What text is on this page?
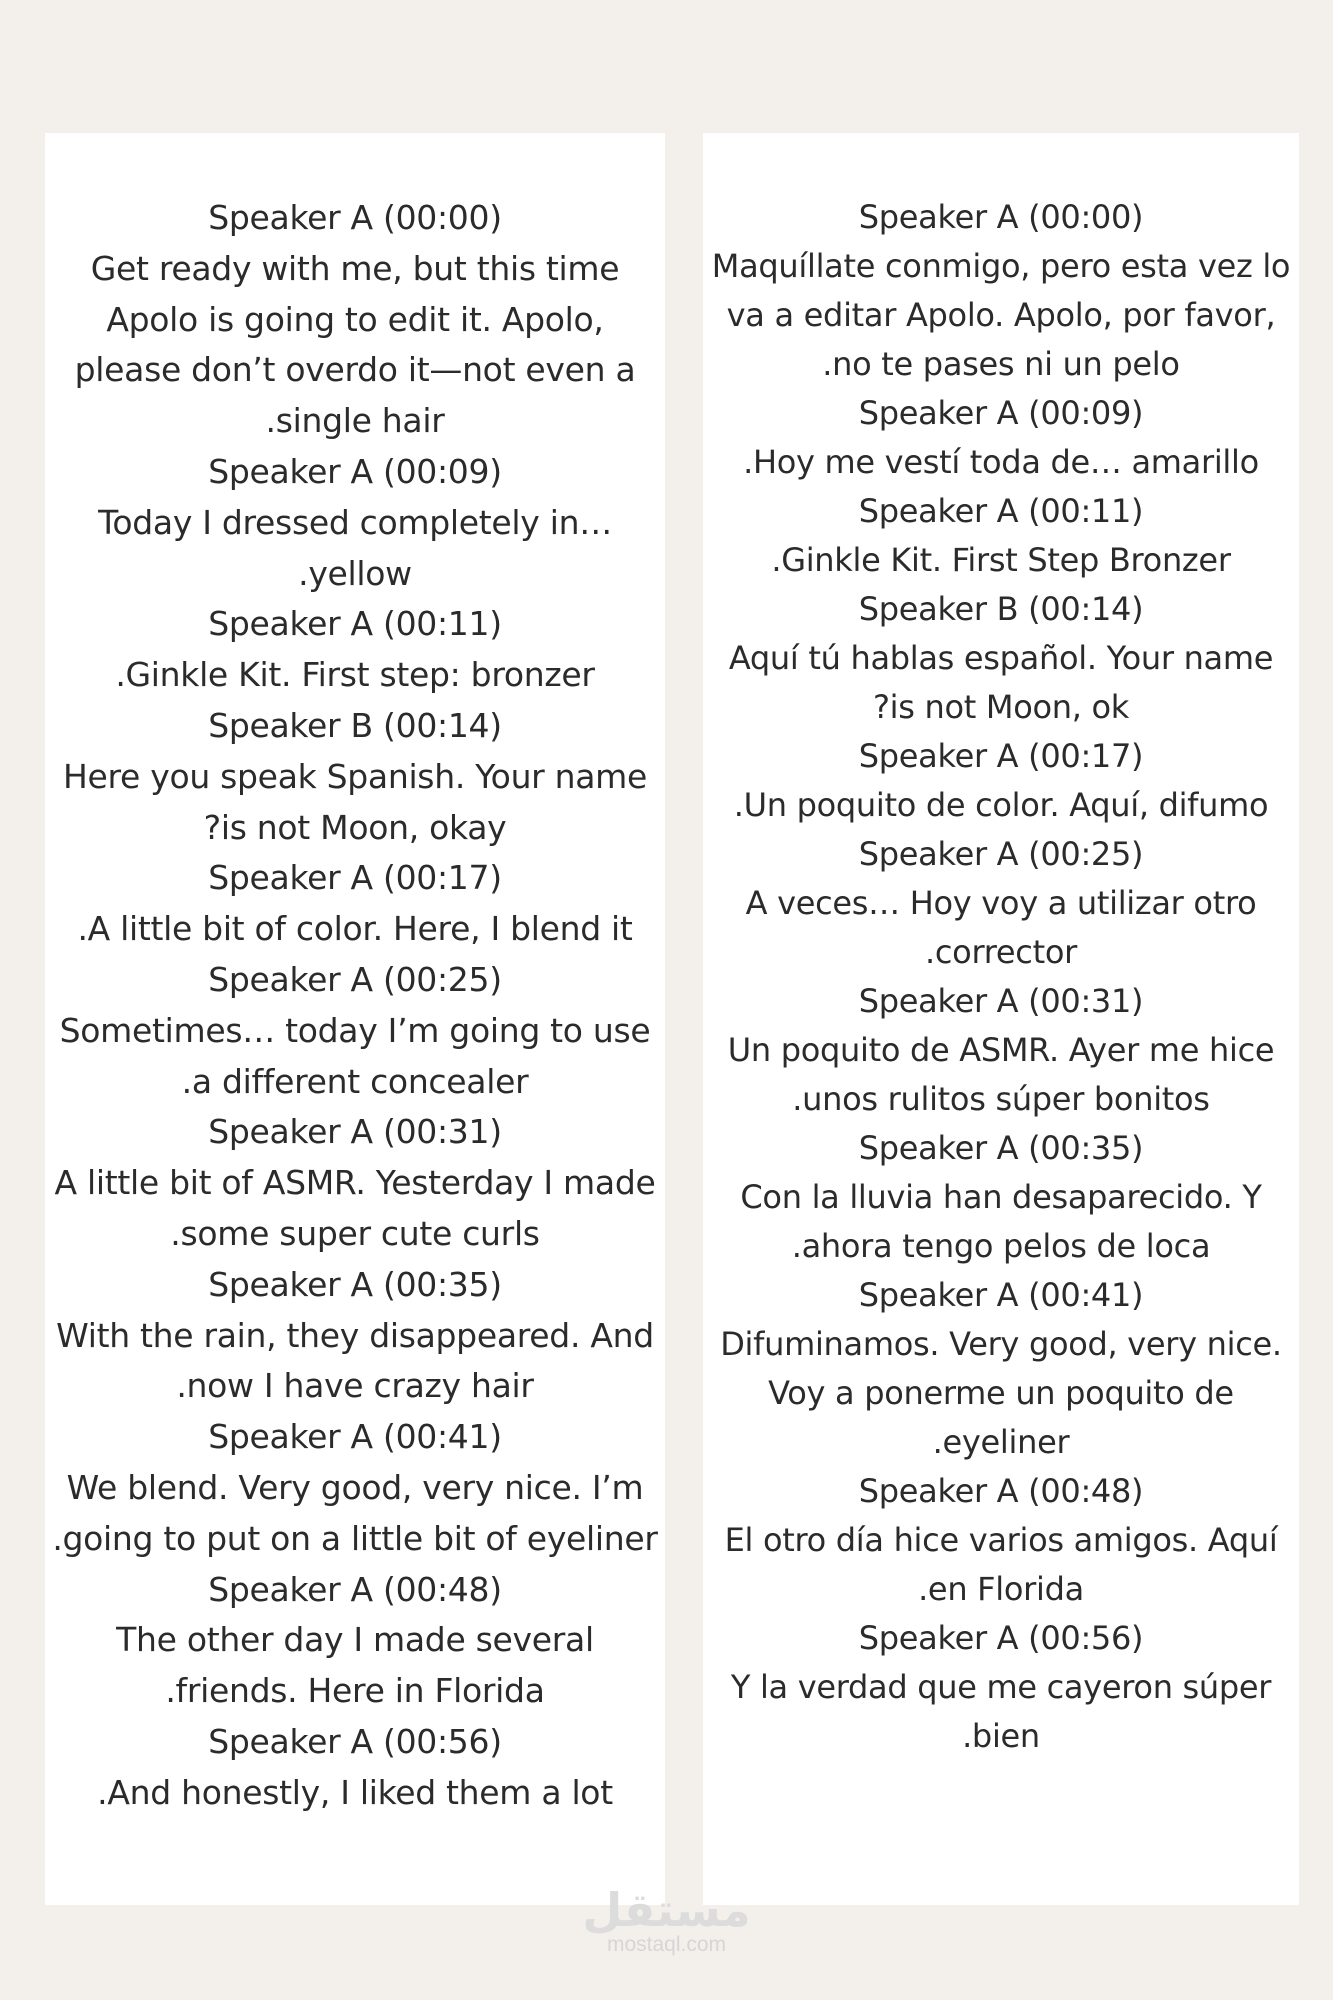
Speaker A (00:00)
Get ready with me, but this time
Apolo is going to edit it. Apolo,
please don’t overdo it—not even a
.single hair
Speaker A (00:09)
Today I dressed completely in…
.yellow
Speaker A (00:11)
.Ginkle Kit. First step: bronzer
Speaker B (00:14)
Here you speak Spanish. Your name
?is not Moon, okay
Speaker A (00:17)
.A little bit of color. Here, I blend it
Speaker A (00:25)
Sometimes… today I’m going to use
.a different concealer
Speaker A (00:31)
A little bit of ASMR. Yesterday I made
.some super cute curls
Speaker A (00:35)
With the rain, they disappeared. And
.now I have crazy hair
Speaker A (00:41)
We blend. Very good, very nice. I’m
.going to put on a little bit of eyeliner
Speaker A (00:48)
The other day I made several
.friends. Here in Florida
Speaker A (00:56)
.And honestly, I liked them a lot
Speaker A (00:00)
Maquíllate conmigo, pero esta vez lo
va a editar Apolo. Apolo, por favor,
.no te pases ni un pelo
Speaker A (00:09)
.Hoy me vestí toda de… amarillo
Speaker A (00:11)
.Ginkle Kit. First Step Bronzer
Speaker B (00:14)
Aquí tú hablas español. Your name
?is not Moon, ok
Speaker A (00:17)
.Un poquito de color. Aquí, difumo
Speaker A (00:25)
A veces… Hoy voy a utilizar otro
.corrector
Speaker A (00:31)
Un poquito de ASMR. Ayer me hice
.unos rulitos súper bonitos
Speaker A (00:35)
Con la lluvia han desaparecido. Y
.ahora tengo pelos de loca
Speaker A (00:41)
Difuminamos. Very good, very nice.
Voy a ponerme un poquito de
.eyeliner
Speaker A (00:48)
El otro día hice varios amigos. Aquí
.en Florida
Speaker A (00:56)
Y la verdad que me cayeron súper
.bien
مستقل
mostaql.com
